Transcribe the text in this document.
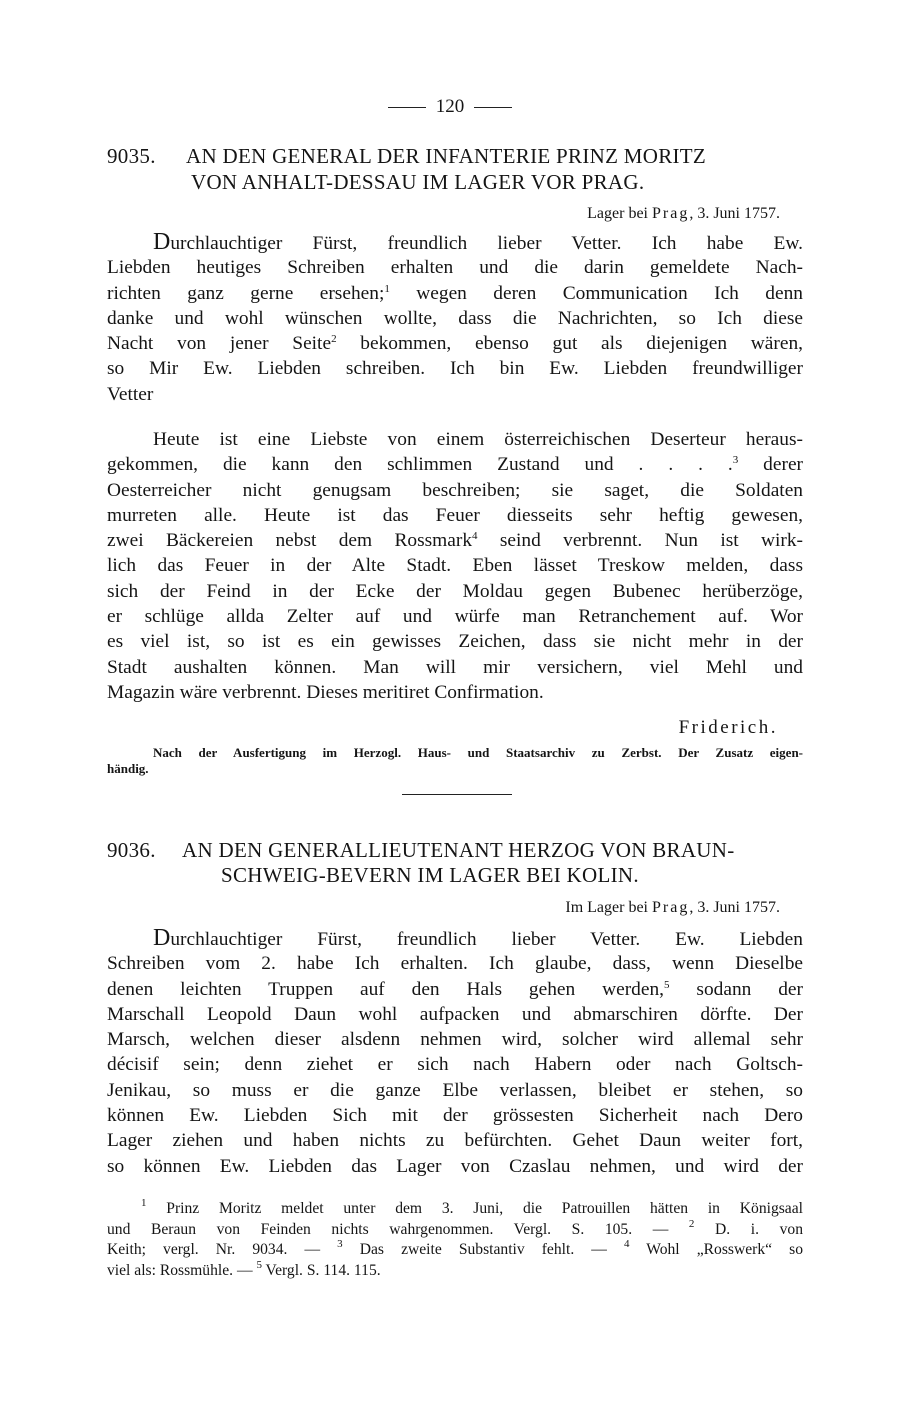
120
9035. AN DEN GENERAL DER INFANTERIE PRINZ MORITZ
VON ANHALT-DESSAU IM LAGER VOR PRAG.
Lager bei Prag, 3. Juni 1757.
Durchlauchtiger Fürst, freundlich lieber Vetter. Ich habe Ew.
Liebden heutiges Schreiben erhalten und die darin gemeldete Nach-
richten ganz gerne ersehen;$^1$ wegen deren Communication Ich denn
danke und wohl wünschen wollte, dass die Nachrichten, so Ich diese
Nacht von jener Seite$^2$ bekommen, ebenso gut als diejenigen wären,
so Mir Ew. Liebden schreiben. Ich bin Ew. Liebden freundwilliger
Vetter
Heute ist eine Liebste von einem österreichischen Deserteur heraus-
gekommen, die kann den schlimmen Zustand und . . . .$^3$ derer
Oesterreicher nicht genugsam beschreiben; sie saget, die Soldaten
murreten alle. Heute ist das Feuer diesseits sehr heftig gewesen,
zwei Bäckereien nebst dem Rossmark$^4$ seind verbrennt. Nun ist wirk-
lich das Feuer in der Alte Stadt. Eben lässet Treskow melden, dass
sich der Feind in der Ecke der Moldau gegen Bubenec herüberzöge,
er schlüge allda Zelter auf und würfe man Retranchement auf. Wor
es viel ist, so ist es ein gewisses Zeichen, dass sie nicht mehr in der
Stadt aushalten können. Man will mir versichern, viel Mehl und
Magazin wäre verbrennt. Dieses meritiret Confirmation.
Friderich.
Nach der Ausfertigung im Herzogl. Haus- und Staatsarchiv zu Zerbst. Der Zusatz eigen-
händig.
9036. AN DEN GENERALLIEUTENANT HERZOG VON BRAUN-
SCHWEIG-BEVERN IM LAGER BEI KOLIN.
Im Lager bei Prag, 3. Juni 1757.
Durchlauchtiger Fürst, freundlich lieber Vetter. Ew. Liebden
Schreiben vom 2. habe Ich erhalten. Ich glaube, dass, wenn Dieselbe
denen leichten Truppen auf den Hals gehen werden,$^5$ sodann der
Marschall Leopold Daun wohl aufpacken und abmarschiren dörfte. Der
Marsch, welchen dieser alsdenn nehmen wird, solcher wird allemal sehr
décisif sein; denn ziehet er sich nach Habern oder nach Goltsch-
Jenikau, so muss er die ganze Elbe verlassen, bleibet er stehen, so
können Ew. Liebden Sich mit der grössesten Sicherheit nach Dero
Lager ziehen und haben nichts zu befürchten. Gehet Daun weiter fort,
so können Ew. Liebden das Lager von Czaslau nehmen, und wird der
$^1$ Prinz Moritz meldet unter dem 3. Juni, die Patrouillen hätten in Königsaal
und Beraun von Feinden nichts wahrgenommen. Vergl. S. 105. — $^2$ D. i. von
Keith; vergl. Nr. 9034. — $^3$ Das zweite Substantiv fehlt. — $^4$ Wohl „Rosswerk“ so
viel als: Rossmühle. — $^5$ Vergl. S. 114. 115.
